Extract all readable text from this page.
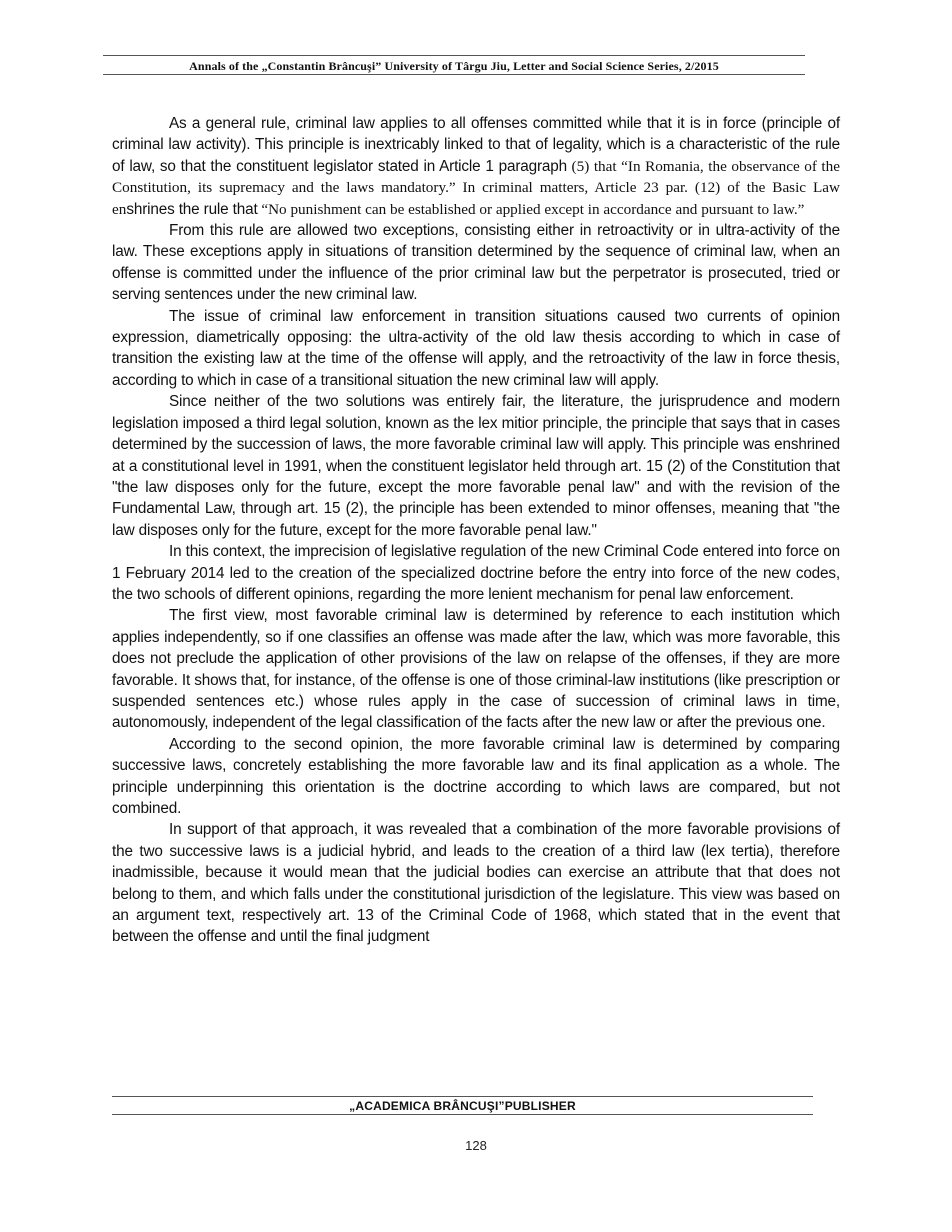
Annals of the „Constantin Brâncuşi” University of Târgu Jiu, Letter and Social Science Series, 2/2015

As a general rule, criminal law applies to all offenses committed while that it is in force (principle of criminal law activity). This principle is inextricably linked to that of legality, which is a characteristic of the rule of law, so that the constituent legislator stated in Article 1 paragraph (5) that “In Romania, the observance of the Constitution, its supremacy and the laws mandatory.” In criminal matters, Article 23 par. (12) of the Basic Law enshrines the rule that “No punishment can be established or applied except in accordance and pursuant to law.”

From this rule are allowed two exceptions, consisting either in retroactivity or in ultra-activity of the law. These exceptions apply in situations of transition determined by the sequence of criminal law, when an offense is committed under the influence of the prior criminal law but the perpetrator is prosecuted, tried or serving sentences under the new criminal law.

The issue of criminal law enforcement in transition situations caused two currents of opinion expression, diametrically opposing: the ultra-activity of the old law thesis according to which in case of transition the existing law at the time of the offense will apply, and the retroactivity of the law in force thesis, according to which in case of a transitional situation the new criminal law will apply.

Since neither of the two solutions was entirely fair, the literature, the jurisprudence and modern legislation imposed a third legal solution, known as the lex mitior principle, the principle that says that in cases determined by the succession of laws, the more favorable criminal law will apply. This principle was enshrined at a constitutional level in 1991, when the constituent legislator held through art. 15 (2) of the Constitution that "the law disposes only for the future, except the more favorable penal law" and with the revision of the Fundamental Law, through art. 15 (2), the principle has been extended to minor offenses, meaning that "the law disposes only for the future, except for the more favorable penal law."

In this context, the imprecision of legislative regulation of the new Criminal Code entered into force on 1 February 2014 led to the creation of the specialized doctrine before the entry into force of the new codes, the two schools of different opinions, regarding the more lenient mechanism for penal law enforcement.

The first view, most favorable criminal law is determined by reference to each institution which applies independently, so if one classifies an offense was made after the law, which was more favorable, this does not preclude the application of other provisions of the law on relapse of the offenses, if they are more favorable. It shows that, for instance, of the offense is one of those criminal-law institutions (like prescription or suspended sentences etc.) whose rules apply in the case of succession of criminal laws in time, autonomously, independent of the legal classification of the facts after the new law or after the previous one.

According to the second opinion, the more favorable criminal law is determined by comparing successive laws, concretely establishing the more favorable law and its final application as a whole. The principle underpinning this orientation is the doctrine according to which laws are compared, but not combined.

In support of that approach, it was revealed that a combination of the more favorable provisions of the two successive laws is a judicial hybrid, and leads to the creation of a third law (lex tertia), therefore inadmissible, because it would mean that the judicial bodies can exercise an attribute that that does not belong to them, and which falls under the constitutional jurisdiction of the legislature. This view was based on an argument text, respectively art. 13 of the Criminal Code of 1968, which stated that in the event that between the offense and until the final judgment

„ACADEMICA BRÂNCUŞI”PUBLISHER
128
